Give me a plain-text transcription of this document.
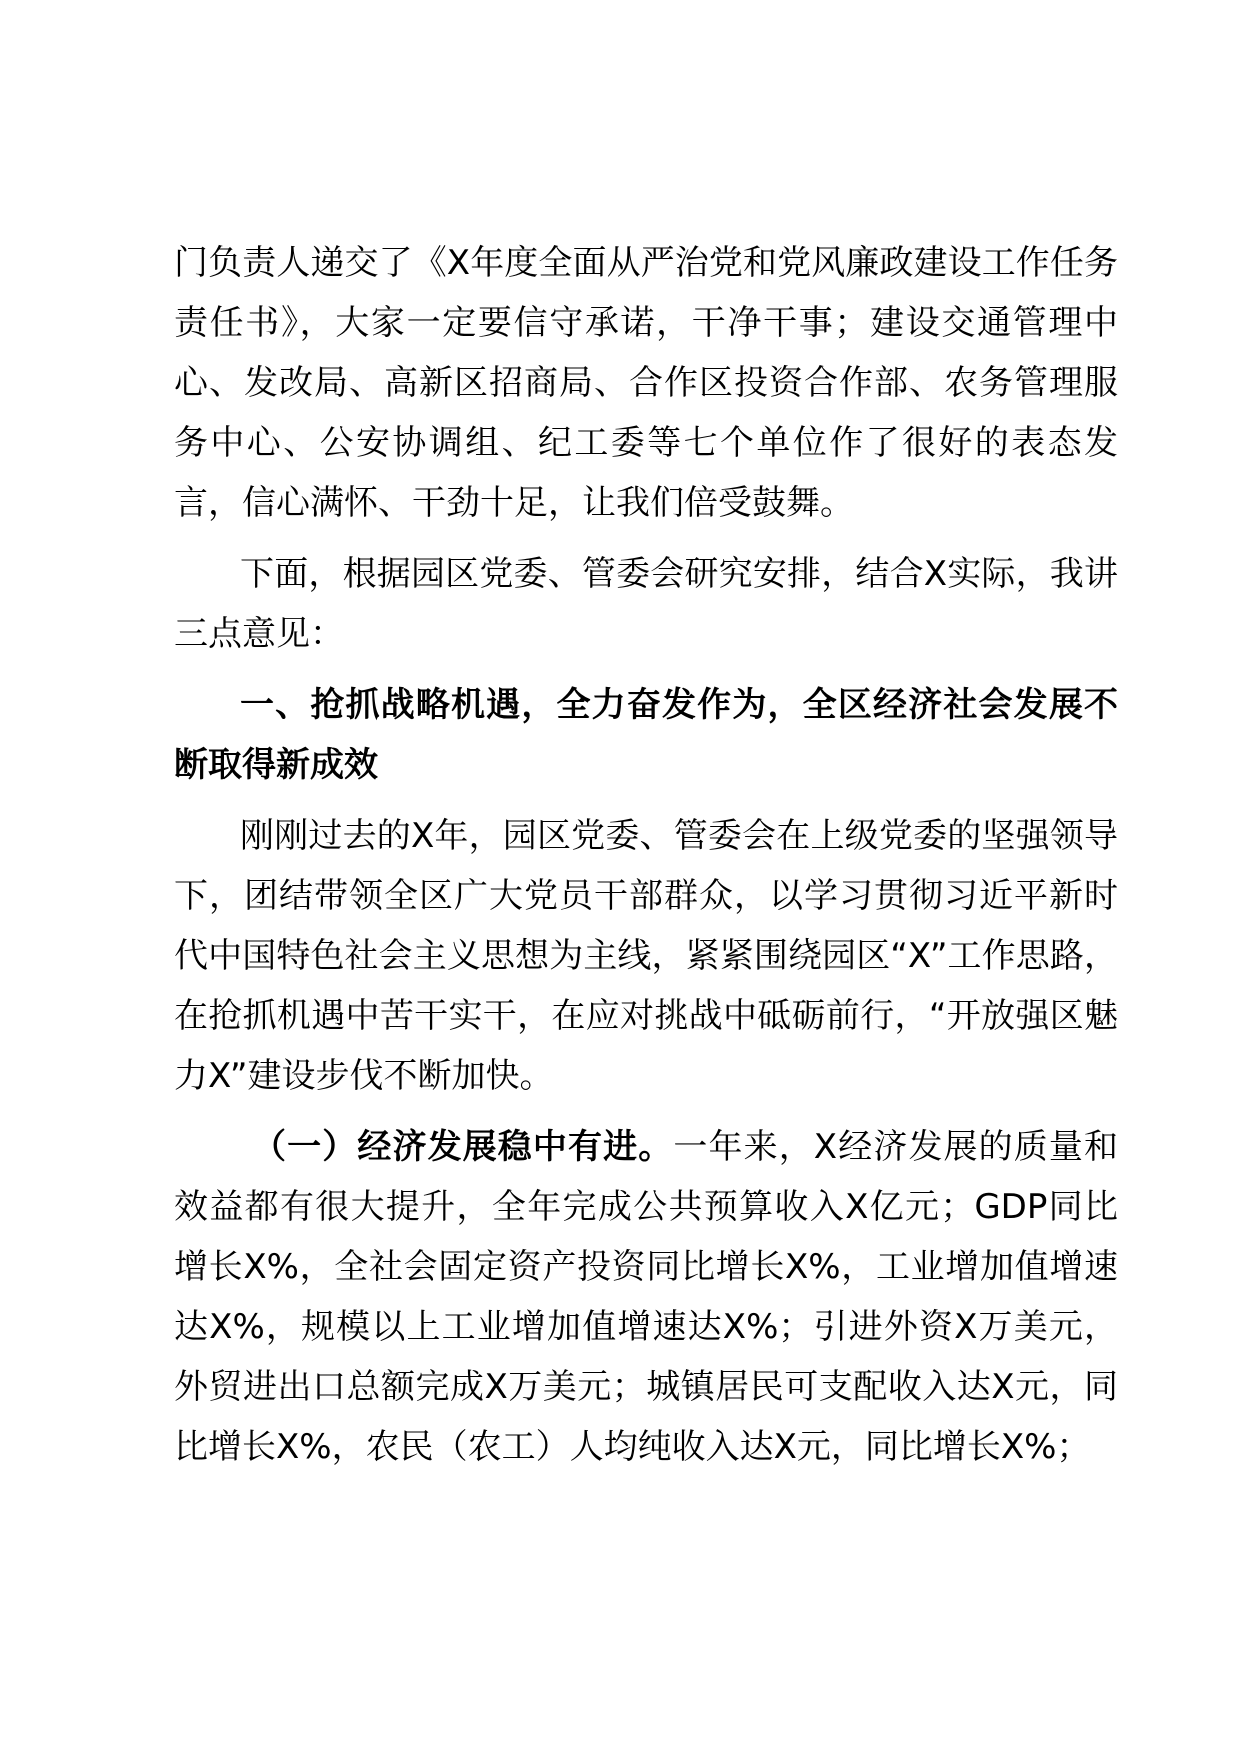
门负责人递交了《X年度全面从严治党和党风廉政建设工作任务责任书》，大家一定要信守承诺，干净干事；建设交通管理中心、发改局、高新区招商局、合作区投资合作部、农务管理服务中心、公安协调组、纪工委等七个单位作了很好的表态发言，信心满怀、干劲十足，让我们倍受鼓舞。

下面，根据园区党委、管委会研究安排，结合X实际，我讲三点意见：

一、抢抓战略机遇，全力奋发作为，全区经济社会发展不断取得新成效

刚刚过去的X年，园区党委、管委会在上级党委的坚强领导下，团结带领全区广大党员干部群众，以学习贯彻习近平新时代中国特色社会主义思想为主线，紧紧围绕园区“X”工作思路，在抢抓机遇中苦干实干，在应对挑战中砥砺前行，“开放强区魅力X”建设步伐不断加快。

（一）经济发展稳中有进。一年来，X经济发展的质量和效益都有很大提升，全年完成公共预算收入X亿元；GDP同比增长X%，全社会固定资产投资同比增长X%，工业增加值增速达X%，规模以上工业增加值增速达X%；引进外资X万美元，外贸进出口总额完成X万美元；城镇居民可支配收入达X元，同比增长X%，农民（农工）人均纯收入达X元，同比增长X%；
